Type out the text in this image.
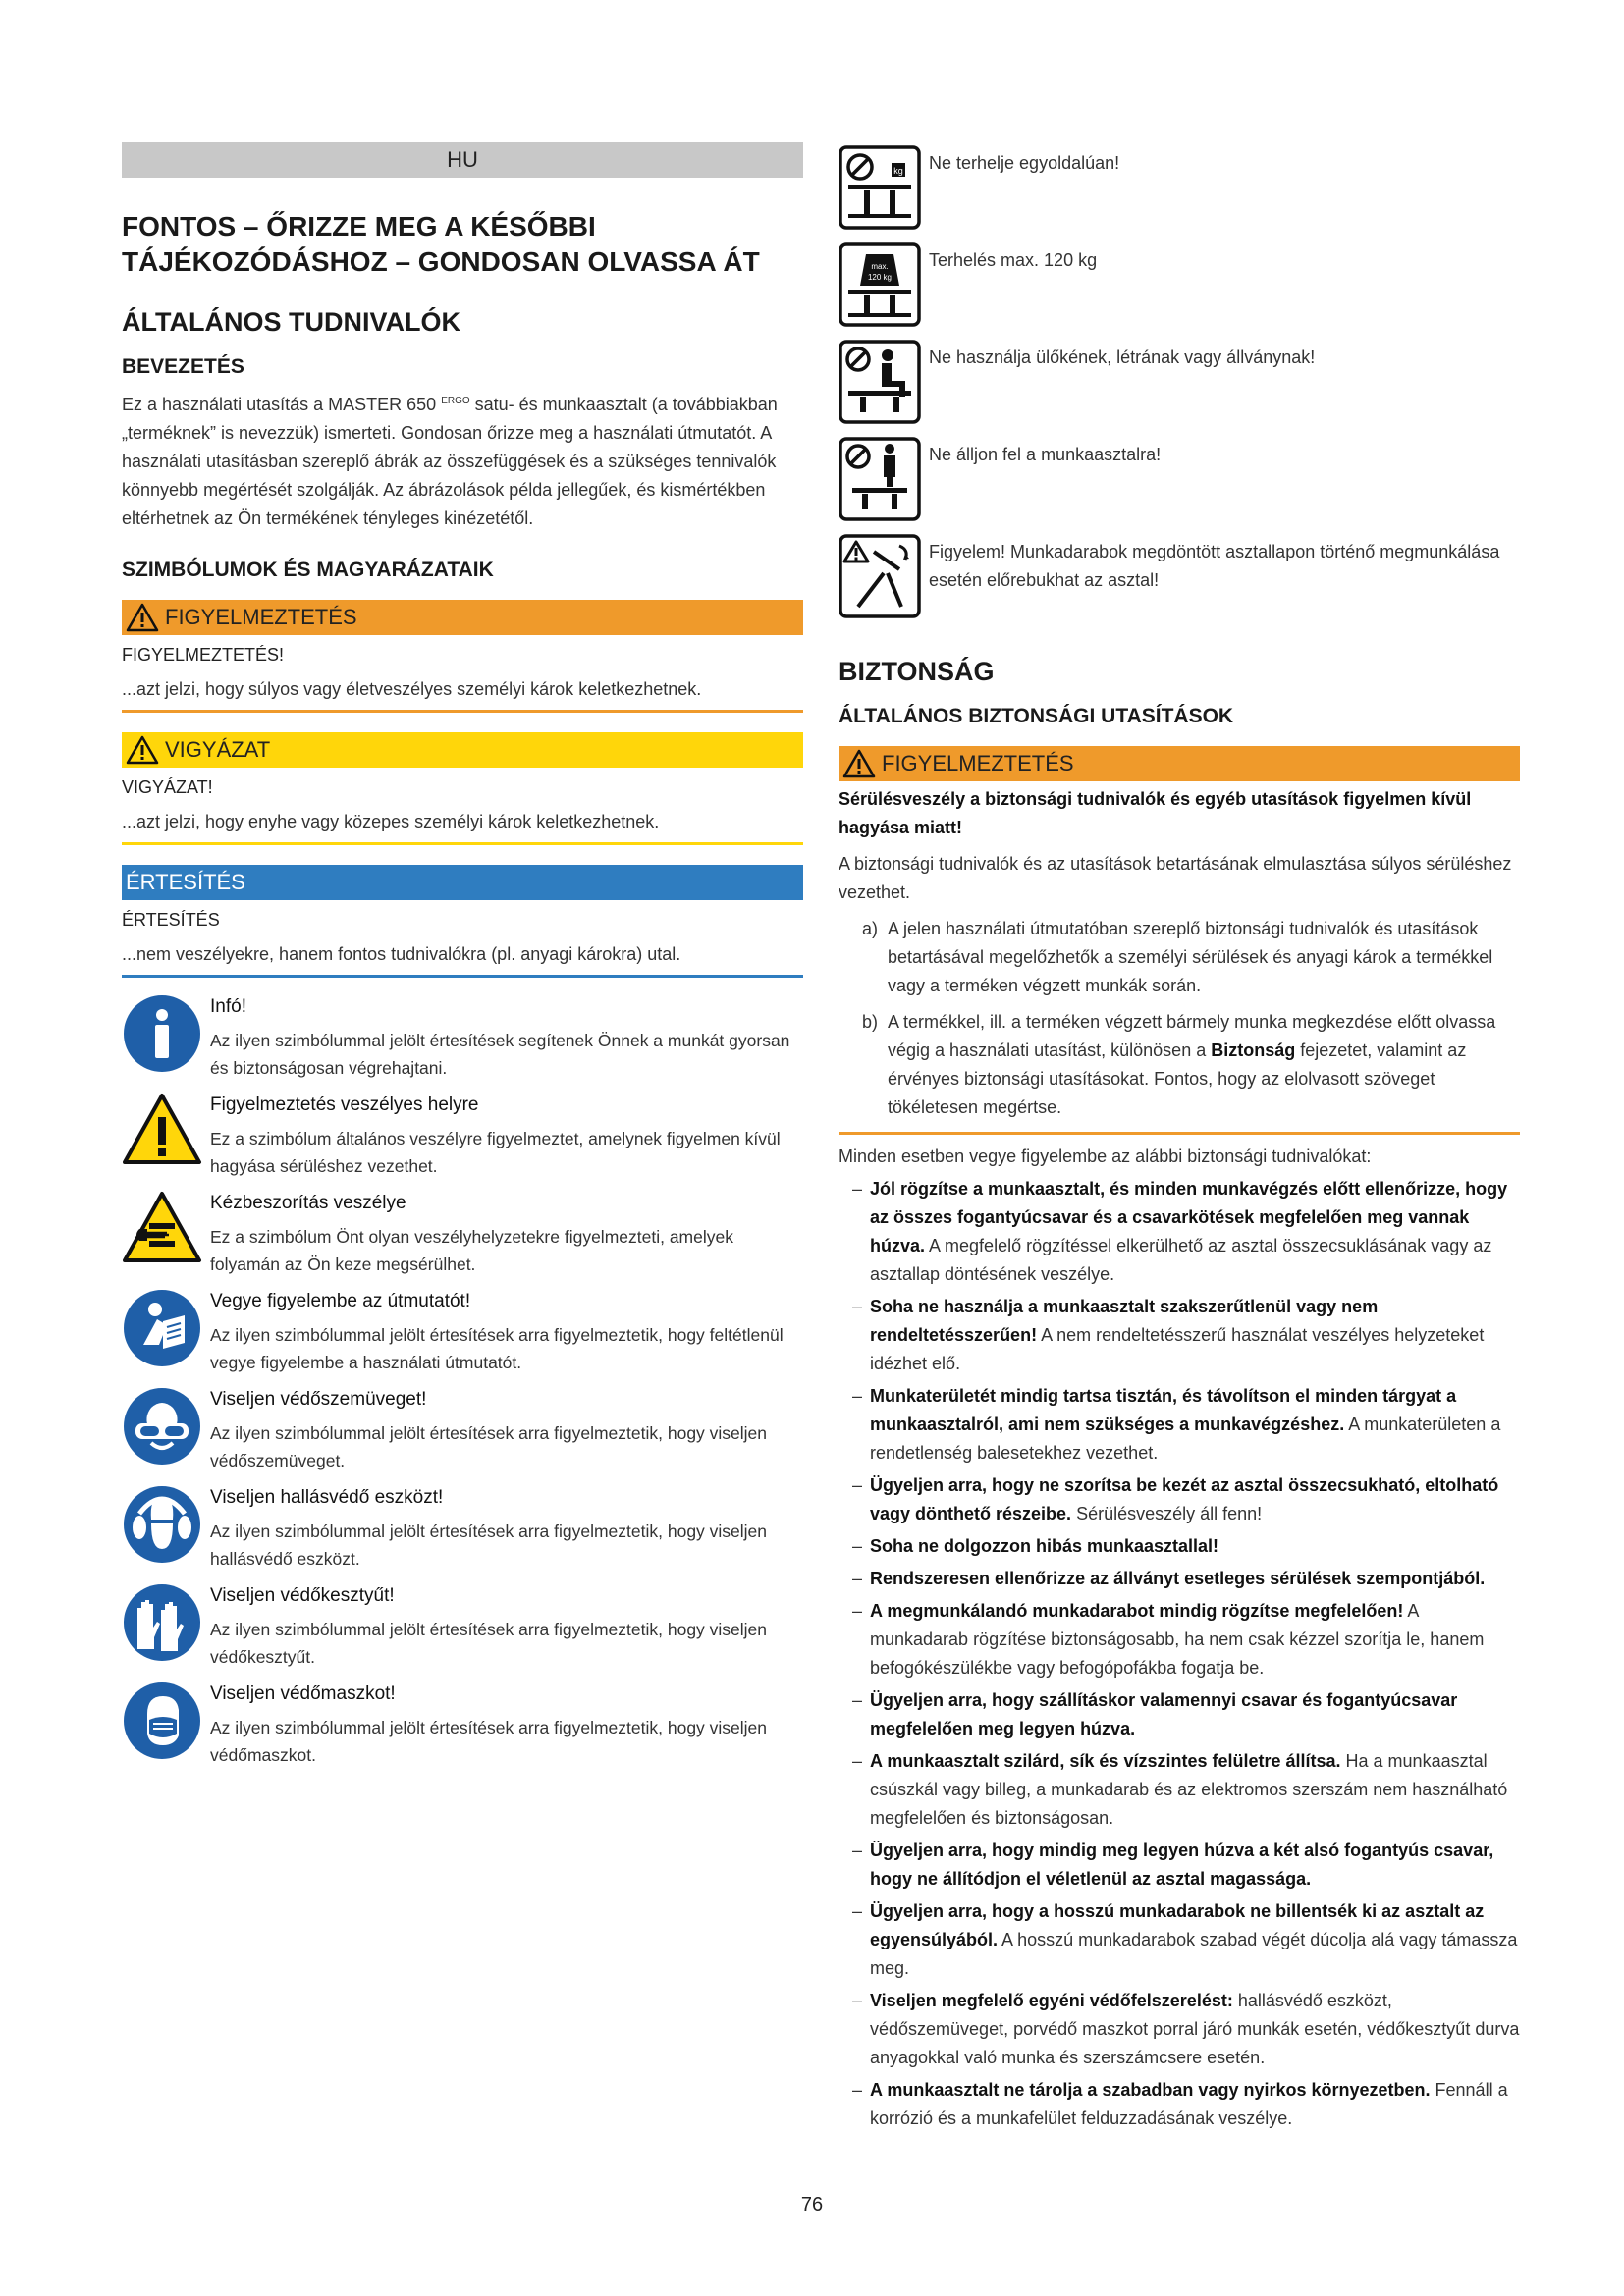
HU
FONTOS – ŐRIZZE MEG A KÉSŐBBI TÁJÉKOZÓDÁSHOZ – GONDOSAN OLVASSA ÁT
ÁLTALÁNOS TUDNIVALÓK
BEVEZETÉS

Ez a használati utasítás a MASTER 650 $^{ERGO}$ satu- és munkaasztalt (a továbbiakban „terméknek” is nevezzük) ismerteti. Gondosan őrizze meg a használati útmutatót. A használati utasításban szereplő ábrák az összefüggések és a szükséges tennivalók könnyebb megértését szolgálják. Az ábrázolások példa jellegűek, és kismértékben eltérhetnek az Ön termékének tényleges kinézetétől.

SZIMBÓLUMOK ÉS MAGYARÁZATAIK
FIGYELMEZTETÉS
FIGYELMEZTETÉS!
...azt jelzi, hogy súlyos vagy életveszélyes személyi károk keletkezhetnek.
VIGYÁZAT
VIGYÁZAT!
...azt jelzi, hogy enyhe vagy közepes személyi károk keletkezhetnek.
ÉRTESÍTÉS
ÉRTESÍTÉS
...nem veszélyekre, hanem fontos tudnivalókra (pl. anyagi károkra) utal.
Infó!
Az ilyen szimbólummal jelölt értesítések segítenek Önnek a munkát gyorsan és biztonságosan végrehajtani.
Figyelmeztetés veszélyes helyre
Ez a szimbólum általános veszélyre figyelmeztet, amelynek figyelmen kívül hagyása sérüléshez vezethet.
Kézbeszorítás veszélye
Ez a szimbólum Önt olyan veszélyhelyzetekre figyelmezteti, amelyek folyamán az Ön keze megsérülhet.
Vegye figyelembe az útmutatót!
Az ilyen szimbólummal jelölt értesítések arra figyelmeztetik, hogy feltétlenül vegye figyelembe a használati útmutatót.
Viseljen védőszemüveget!
Az ilyen szimbólummal jelölt értesítések arra figyelmeztetik, hogy viseljen védőszemüveget.
Viseljen hallásvédő eszközt!
Az ilyen szimbólummal jelölt értesítések arra figyelmeztetik, hogy viseljen hallásvédő eszközt.
Viseljen védőkesztyűt!
Az ilyen szimbólummal jelölt értesítések arra figyelmeztetik, hogy viseljen védőkesztyűt.
Viseljen védőmaszkot!
Az ilyen szimbólummal jelölt értesítések arra figyelmeztetik, hogy viseljen védőmaszkot.
kg Ne terhelje egyoldalúan!
max.
120 kg
Terhelés max. 120 kg
Ne használja ülőkének, létrának vagy állványnak!
Ne álljon fel a munkaasztalra!
Figyelem! Munkadarabok megdöntött asztallapon történő megmunkálása esetén előrebukhat az asztal!
BIZTONSÁG
ÁLTALÁNOS BIZTONSÁGI UTASÍTÁSOK
FIGYELMEZTETÉS

Sérülésveszély a biztonsági tudnivalók és egyéb utasítások figyelmen kívül hagyása miatt!

A biztonsági tudnivalók és az utasítások betartásának elmulasztása súlyos sérüléshez vezethet.

a) A jelen használati útmutatóban szereplő biztonsági tudnivalók és utasítások betartásával megelőzhetők a személyi sérülések és anyagi károk a termékkel vagy a terméken végzett munkák során.
b) A termékkel, ill. a terméken végzett bármely munka megkezdése előtt olvassa végig a használati utasítást, különösen a Biztonság fejezetet, valamint az érvényes biztonsági utasításokat. Fontos, hogy az elolvasott szöveget tökéletesen megértse.

Minden esetben vegye figyelembe az alábbi biztonsági tudnivalókat:

– Jól rögzítse a munkaasztalt, és minden munkavégzés előtt ellenőrizze, hogy az összes fogantyúcsavar és a csavarkötések megfelelően meg vannak húzva. A megfelelő rögzítéssel elkerülhető az asztal összecsuklásának vagy az asztallap döntésének veszélye.
– Soha ne használja a munkaasztalt szakszerűtlenül vagy nem rendeltetésszerűen! A nem rendeltetésszerű használat veszélyes helyzeteket idézhet elő.
– Munkaterületét mindig tartsa tisztán, és távolítson el minden tárgyat a munkaasztalról, ami nem szükséges a munkavégzéshez. A munkaterületen a rendetlenség balesetekhez vezethet.
– Ügyeljen arra, hogy ne szorítsa be kezét az asztal összecsukható, eltolható vagy dönthető részeibe. Sérülésveszély áll fenn!
– Soha ne dolgozzon hibás munkaasztallal!
– Rendszeresen ellenőrizze az állványt esetleges sérülések szempontjából.
– A megmunkálandó munkadarabot mindig rögzítse megfelelően! A munkadarab rögzítése biztonságosabb, ha nem csak kézzel szorítja le, hanem befogókészülékbe vagy befogópofákba fogatja be.
– Ügyeljen arra, hogy szállításkor valamennyi csavar és fogantyúcsavar megfelelően meg legyen húzva.
– A munkaasztalt szilárd, sík és vízszintes felületre állítsa. Ha a munkaasztal csúszkál vagy billeg, a munkadarab és az elektromos szerszám nem használható megfelelően és biztonságosan.
– Ügyeljen arra, hogy mindig meg legyen húzva a két alsó fogantyús csavar, hogy ne állítódjon el véletlenül az asztal magassága.
– Ügyeljen arra, hogy a hosszú munkadarabok ne billentsék ki az asztalt az egyensúlyából. A hosszú munkadarabok szabad végét dúcolja alá vagy támassza meg.
– Viseljen megfelelő egyéni védőfelszerelést: hallásvédő eszközt, védőszemüveget, porvédő maszkot porral járó munkák esetén, védőkesztyűt durva anyagokkal való munka és szerszámcsere esetén.
– A munkaasztalt ne tárolja a szabadban vagy nyirkos környezetben. Fennáll a korrózió és a munkafelület felduzzadásának veszélye.
76
